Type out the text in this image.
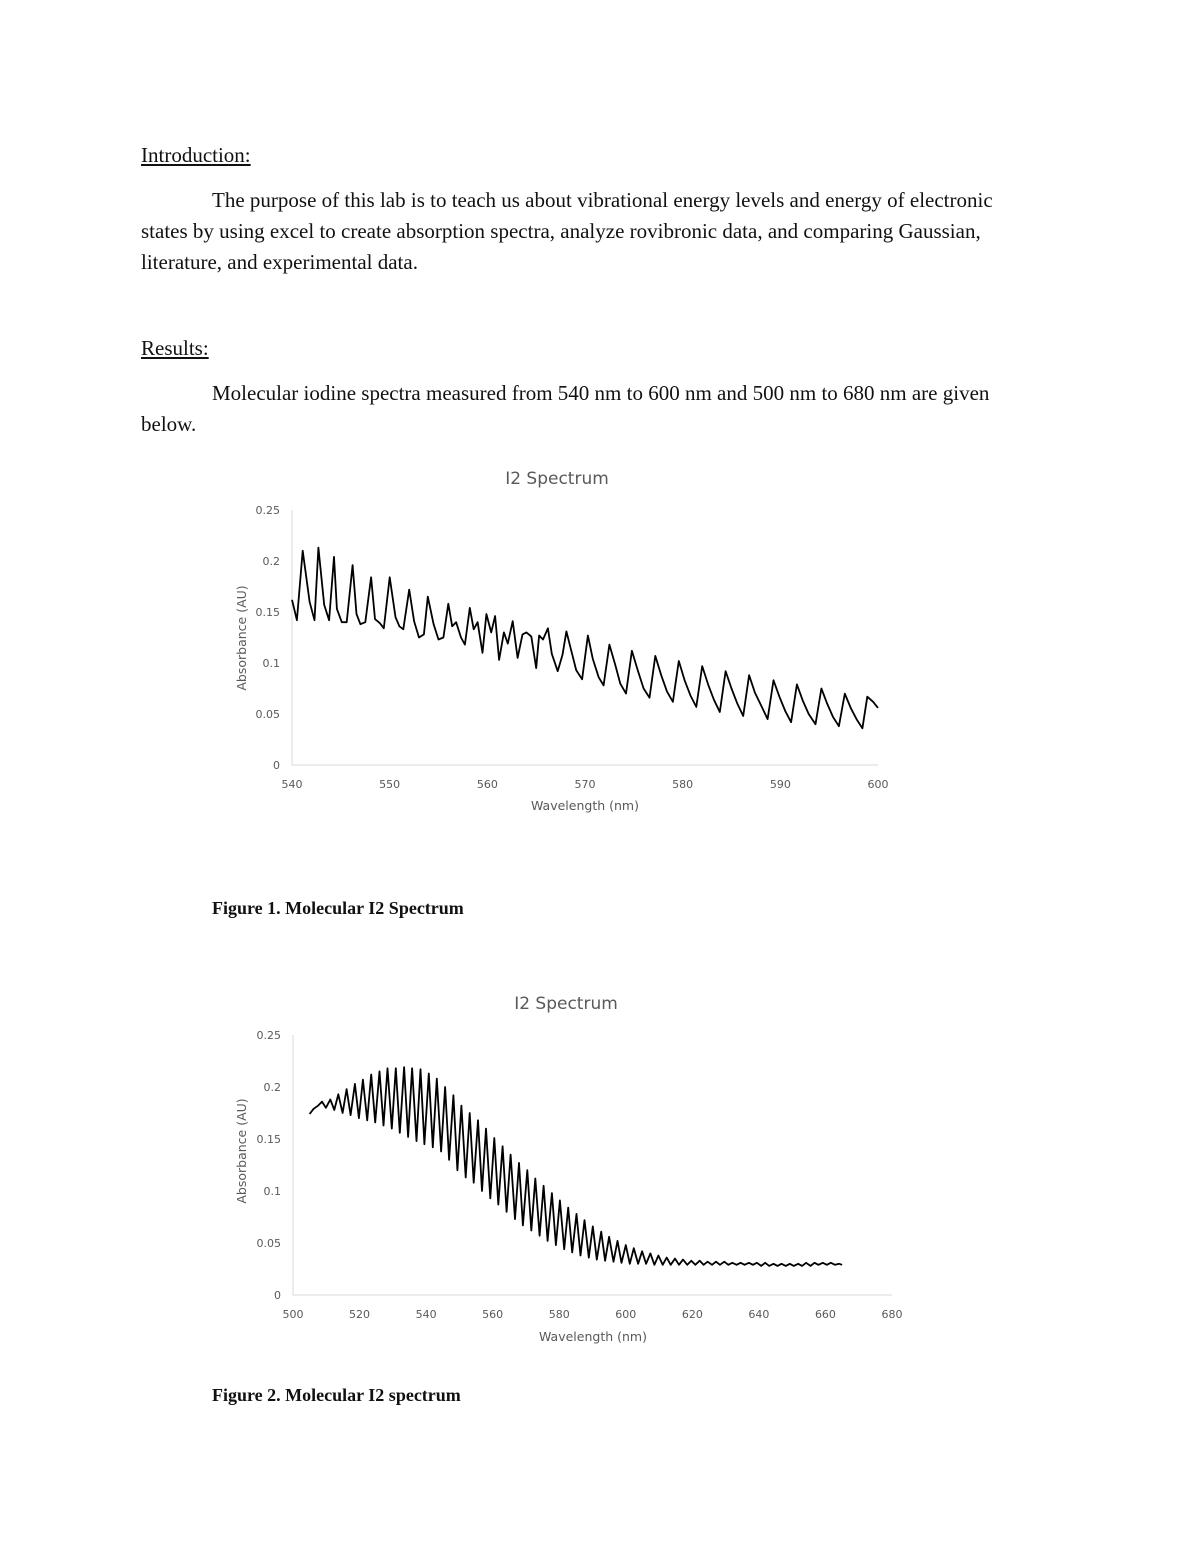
Introduction:
The purpose of this lab is to teach us about vibrational energy levels and energy of electronic states by using excel to create absorption spectra, analyze rovibronic data, and comparing Gaussian, literature, and experimental data.
Results:
Molecular iodine spectra measured from 540 nm to 600 nm and 500 nm to 680 nm are given below.
I2 Spectrum
0
0.05
0.1
0.15
0.2
0.25
540	550	560	570	580	590	600
Wavelength (nm)
Absorbance (AU)
Figure 1. Molecular I2 Spectrum
I2 Spectrum
0
0.05
0.1
0.15
0.2
0.25
500	520	540	560	580	600	620	640	660	680
Wavelength (nm)
Absorbance (AU)
Figure 2. Molecular I2 spectrum
